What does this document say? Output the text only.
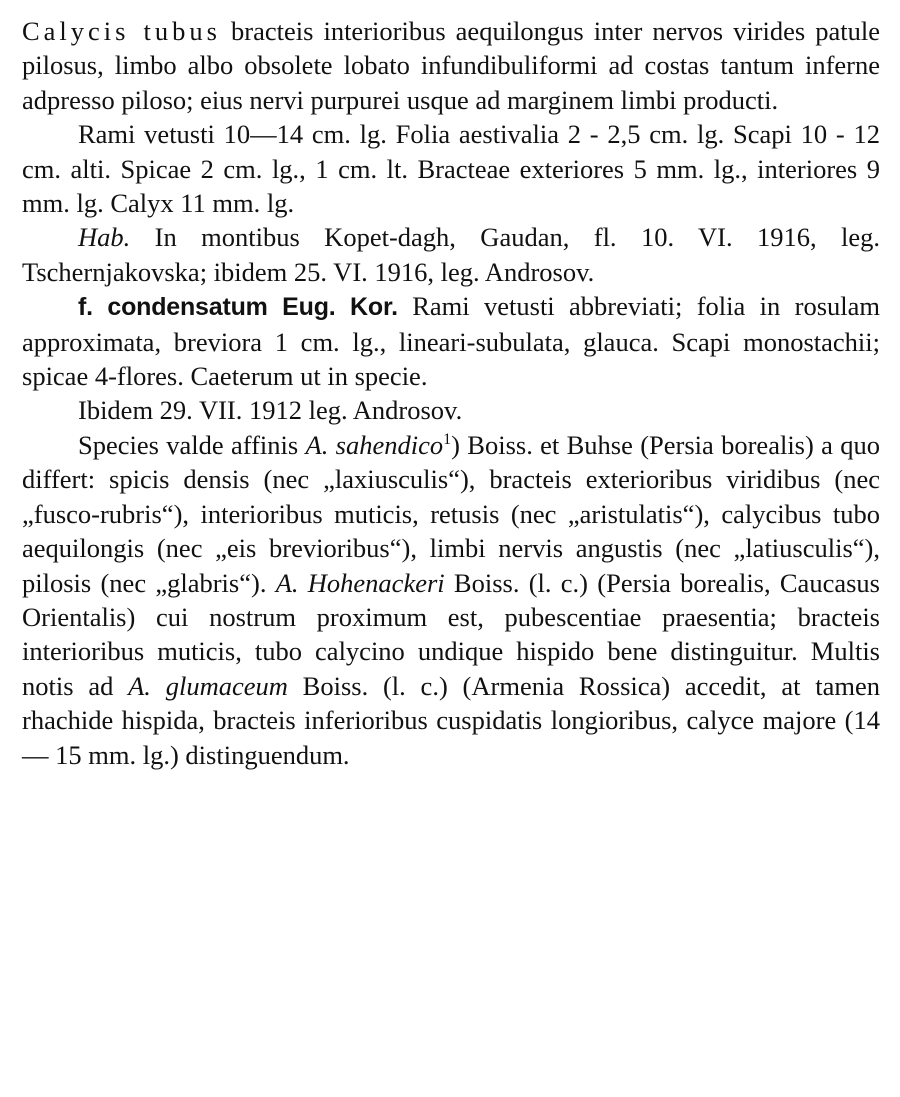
Calycis tubus bracteis interioribus aequilongus inter nervos virides patule pilosus, limbo albo obsolete lobato infundibuliformi ad costas tantum inferne adpresso piloso; eius nervi purpurei usque ad marginem limbi producti.

Rami vetusti 10—14 cm. lg. Folia aestivalia 2 - 2,5 cm. lg. Scapi 10 - 12 cm. alti. Spicae 2 cm. lg., 1 cm. lt. Bracteae exteriores 5 mm. lg., interiores 9 mm. lg. Calyx 11 mm. lg.

Hab. In montibus Kopet-dagh, Gaudan, fl. 10. VI. 1916, leg. Tschernjakovska; ibidem 25. VI. 1916, leg. Androsov.

f. condensatum Eug. Kor. Rami vetusti abbreviati; folia in rosulam approximata, breviora 1 cm. lg., lineari-subulata, glauca. Scapi monostachii; spicae 4-flores. Caeterum ut in specie.

Ibidem 29. VII. 1912 leg. Androsov.

Species valde affinis A. sahendico$^1$) Boiss. et Buhse (Persia borealis) a quo differt: spicis densis (nec „laxiusculis“), bracteis exterioribus viridibus (nec „fusco-rubris“), interioribus muticis, retusis (nec „aristulatis“), calycibus tubo aequilongis (nec „eis brevioribus“), limbi nervis angustis (nec „latiusculis“), pilosis (nec „glabris“). A. Hohenackeri Boiss. (l. c.) (Persia borealis, Caucasus Orientalis) cui nostrum proximum est, pubescentiae praesentia; bracteis interioribus muticis, tubo calycino undique hispido bene distinguitur. Multis notis ad A. glumaceum Boiss. (l. c.) (Armenia Rossica) accedit, at tamen rhachide hispida, bracteis inferioribus cuspidatis longioribus, calyce majore (14 — 15 mm. lg.) distinguendum.
